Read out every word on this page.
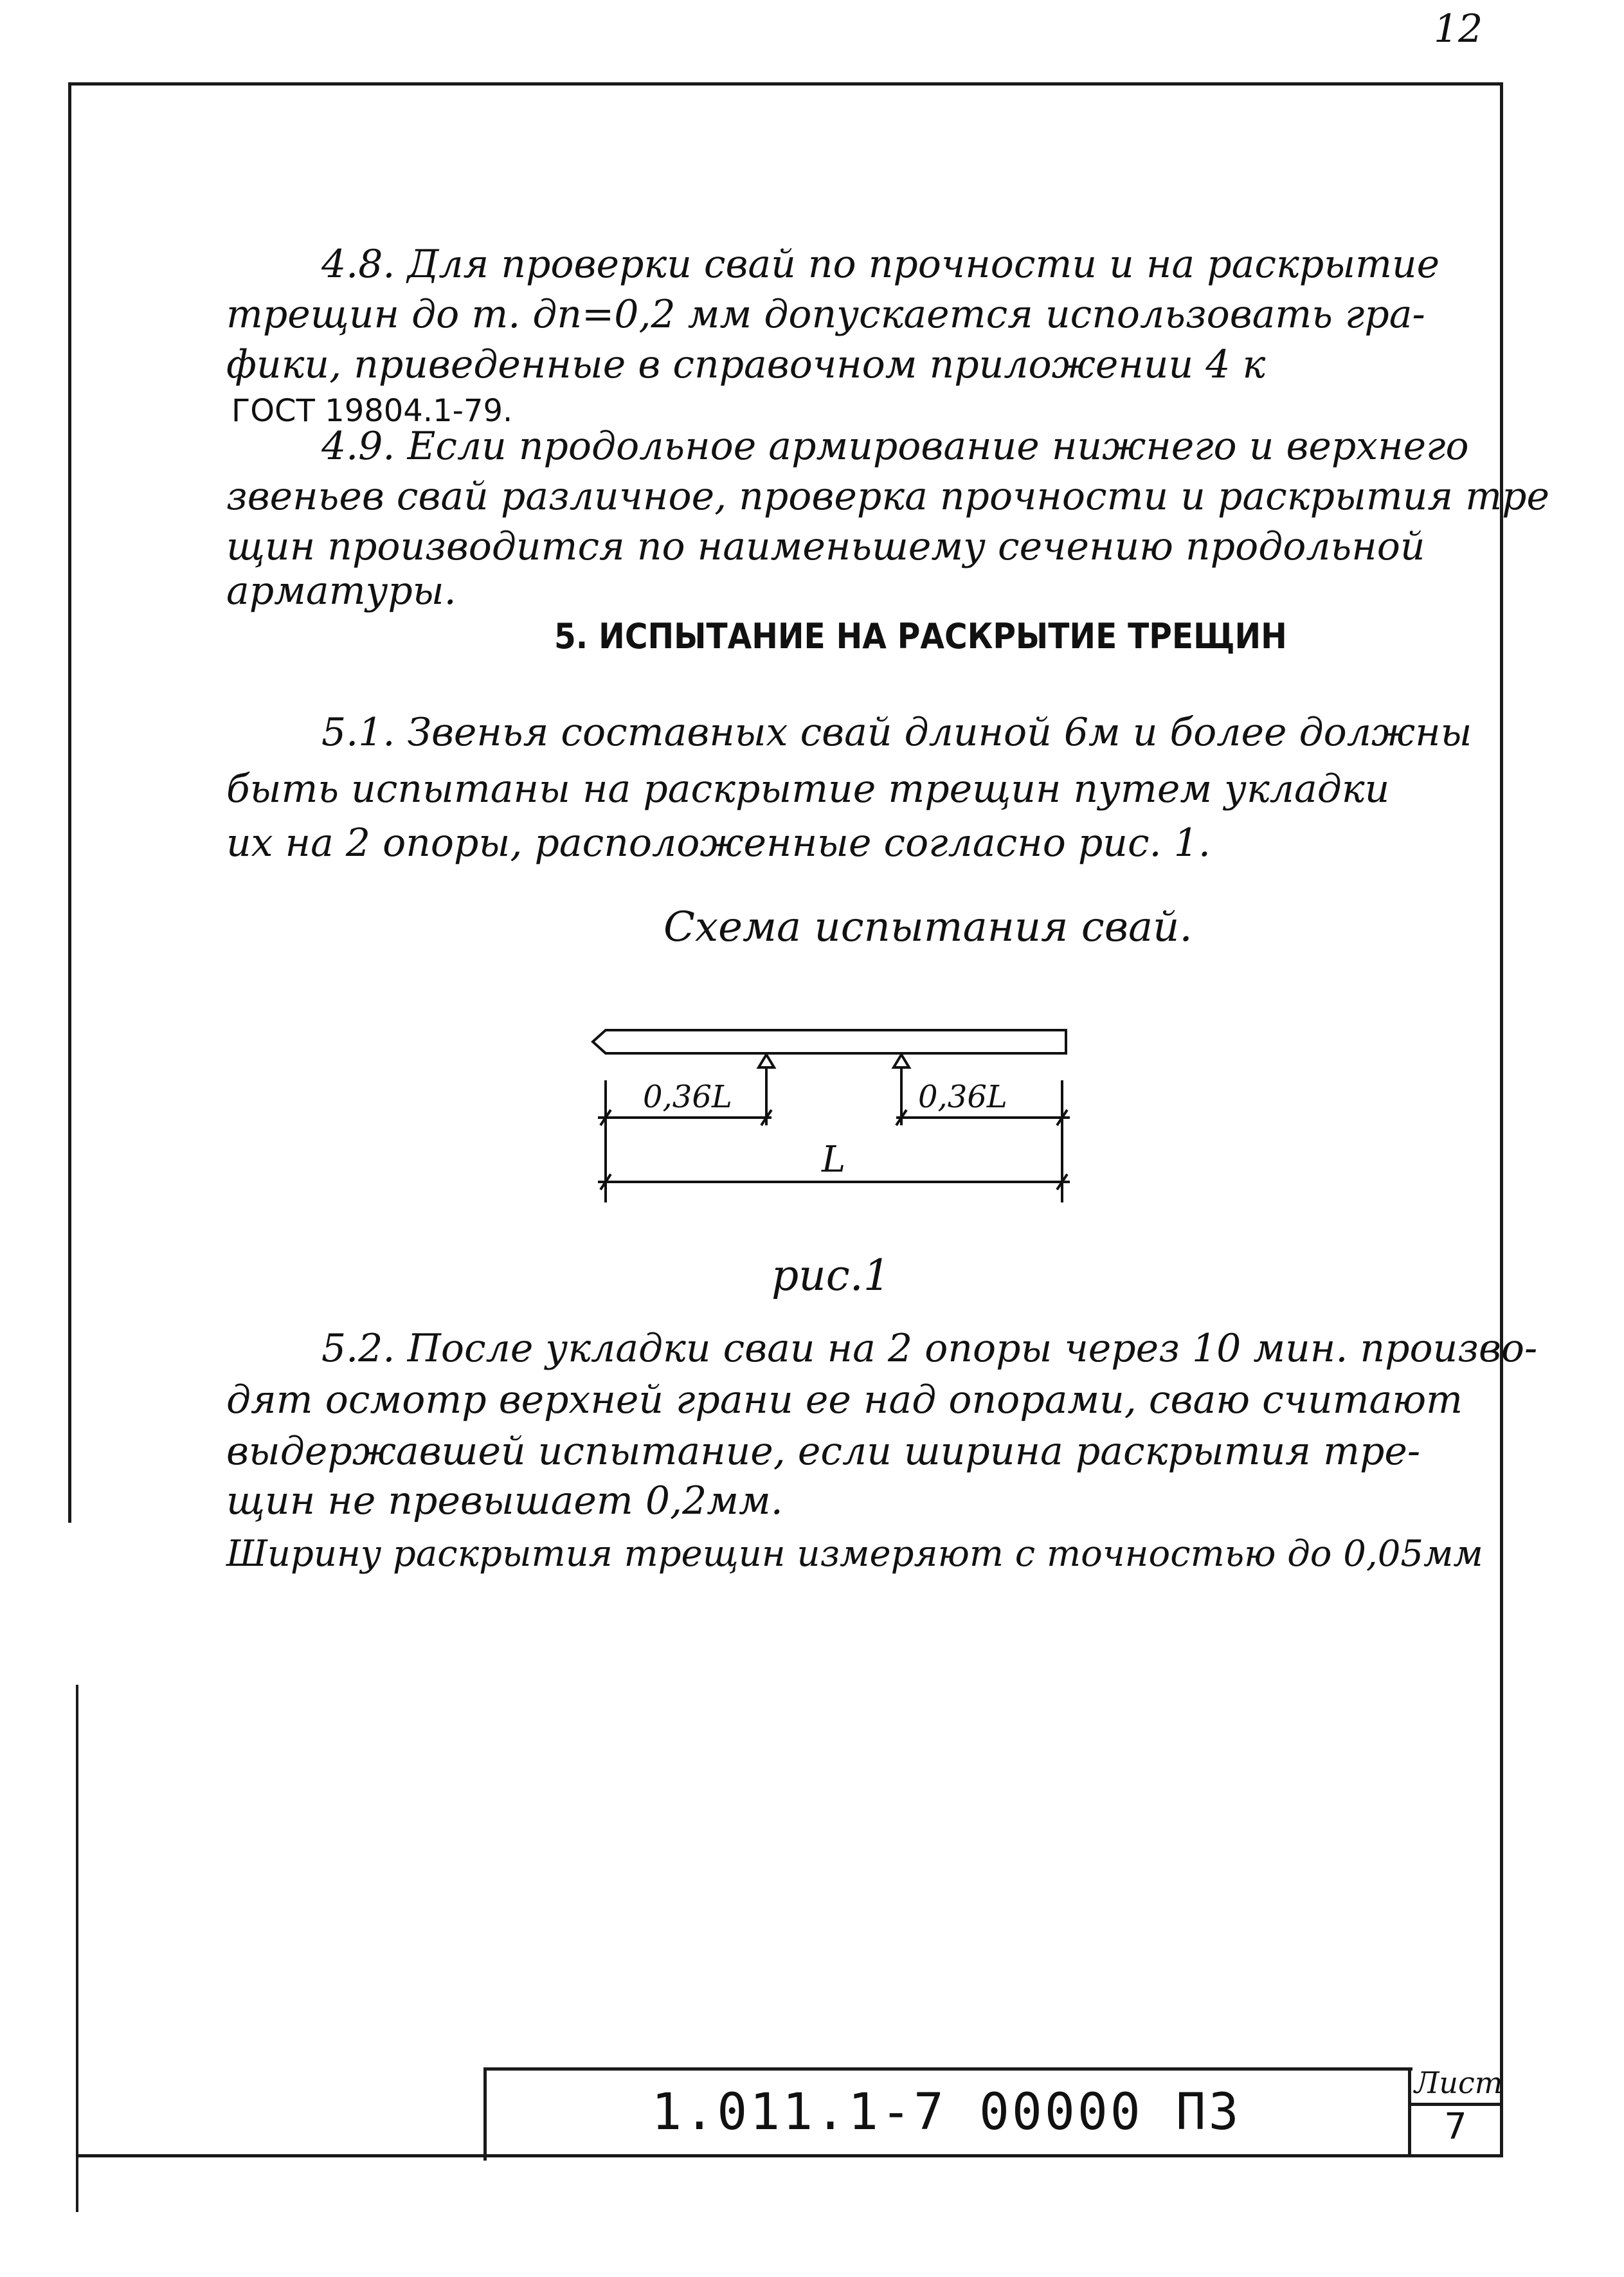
12

4.8. Для проверки свай по прочности и на раскрытие

трещин до т. дп=0,2 мм допускается использовать гра-

фики, приведенные в справочном приложении 4 к

ГОСТ 19804.1-79.

4.9. Если продольное армирование нижнего и верхнего

звеньев свай различное, проверка прочности и раскрытия тре

щин производится по наименьшему сечению продольной

арматуры.

5. ИСПЫТАНИЕ НА РАСКРЫТИЕ ТРЕЩИН

5.1. Звенья составных свай длиной 6м и более должны

быть испытаны на раскрытие трещин путем укладки

их на 2 опоры, расположенные согласно рис. 1.

Схема испытания свай.
0,36L	0,36L
L
рис.1

5.2. После укладки сваи на 2 опоры через 10 мин. произво-

дят осмотр верхней грани ее над опорами, сваю считают

выдержавшей испытание, если ширина раскрытия тре-

щин не превышает 0,2мм.

Ширину раскрытия трещин измеряют с точностью до 0,05мм

1.011.1-7 00000 П3
Лист
7
